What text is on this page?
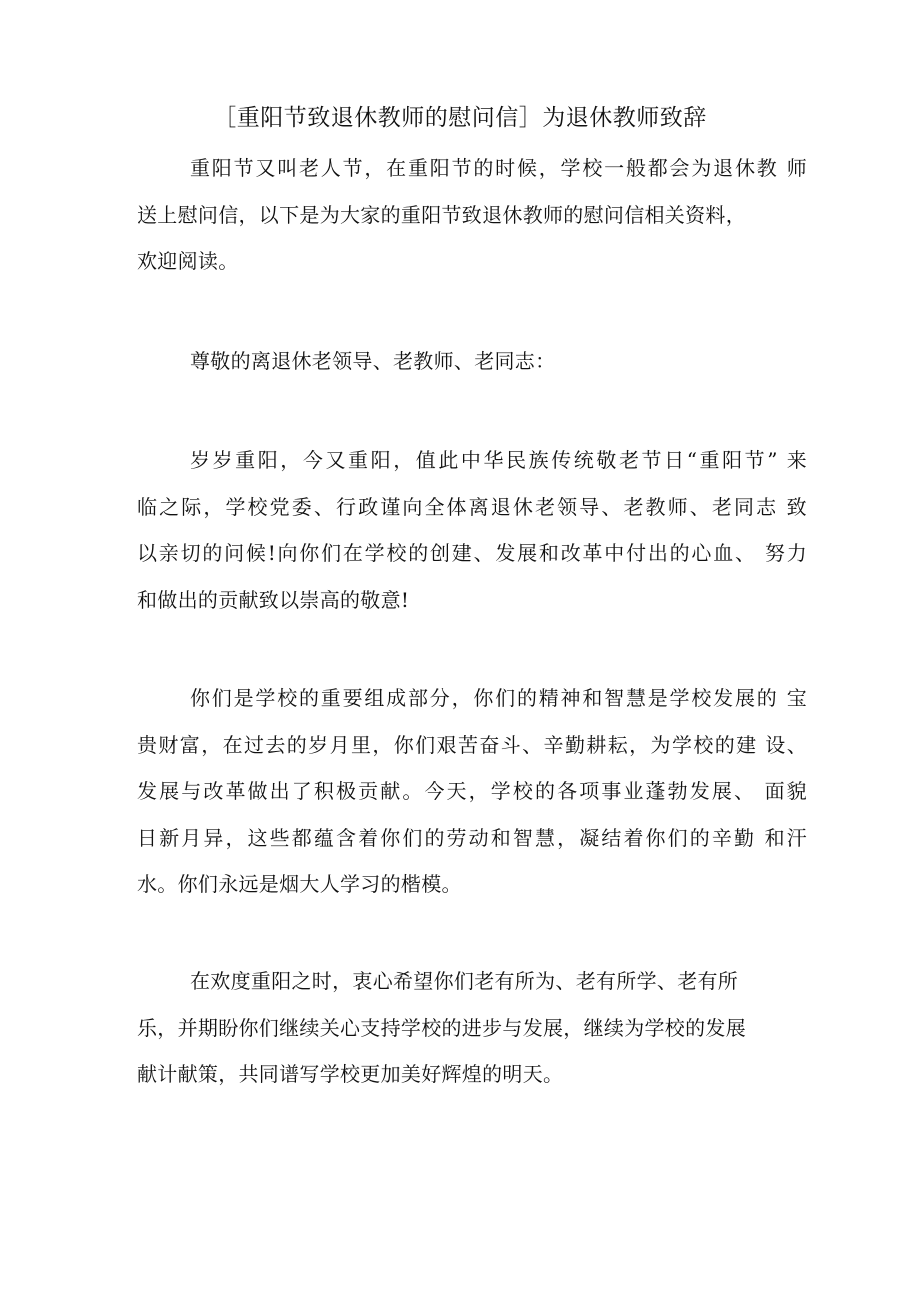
［重阳节致退休教师的慰问信］为退休教师致辞

重阳节又叫老人节，在重阳节的时候，学校一般都会为退休教 师
送上慰问信，以下是为大家的重阳节致退休教师的慰问信相关资料，
欢迎阅读。

尊敬的离退休老领导、老教师、老同志：

岁岁重阳，今又重阳，值此中华民族传统敬老节日“重阳节” 来
临之际，学校党委、行政谨向全体离退休老领导、老教师、老同志 致
以亲切的问候!向你们在学校的创建、发展和改革中付出的心血、 努力
和做出的贡献致以崇高的敬意!

你们是学校的重要组成部分，你们的精神和智慧是学校发展的 宝
贵财富，在过去的岁月里，你们艰苦奋斗、辛勤耕耘，为学校的建 设、
发展与改革做出了积极贡献。今天，学校的各项事业蓬勃发展、 面貌
日新月异，这些都蕴含着你们的劳动和智慧，凝结着你们的辛勤 和汗
水。你们永远是烟大人学习的楷模。

在欢度重阳之时，衷心希望你们老有所为、老有所学、老有所
乐，并期盼你们继续关心支持学校的进步与发展，继续为学校的发展
献计献策，共同谱写学校更加美好辉煌的明天。
